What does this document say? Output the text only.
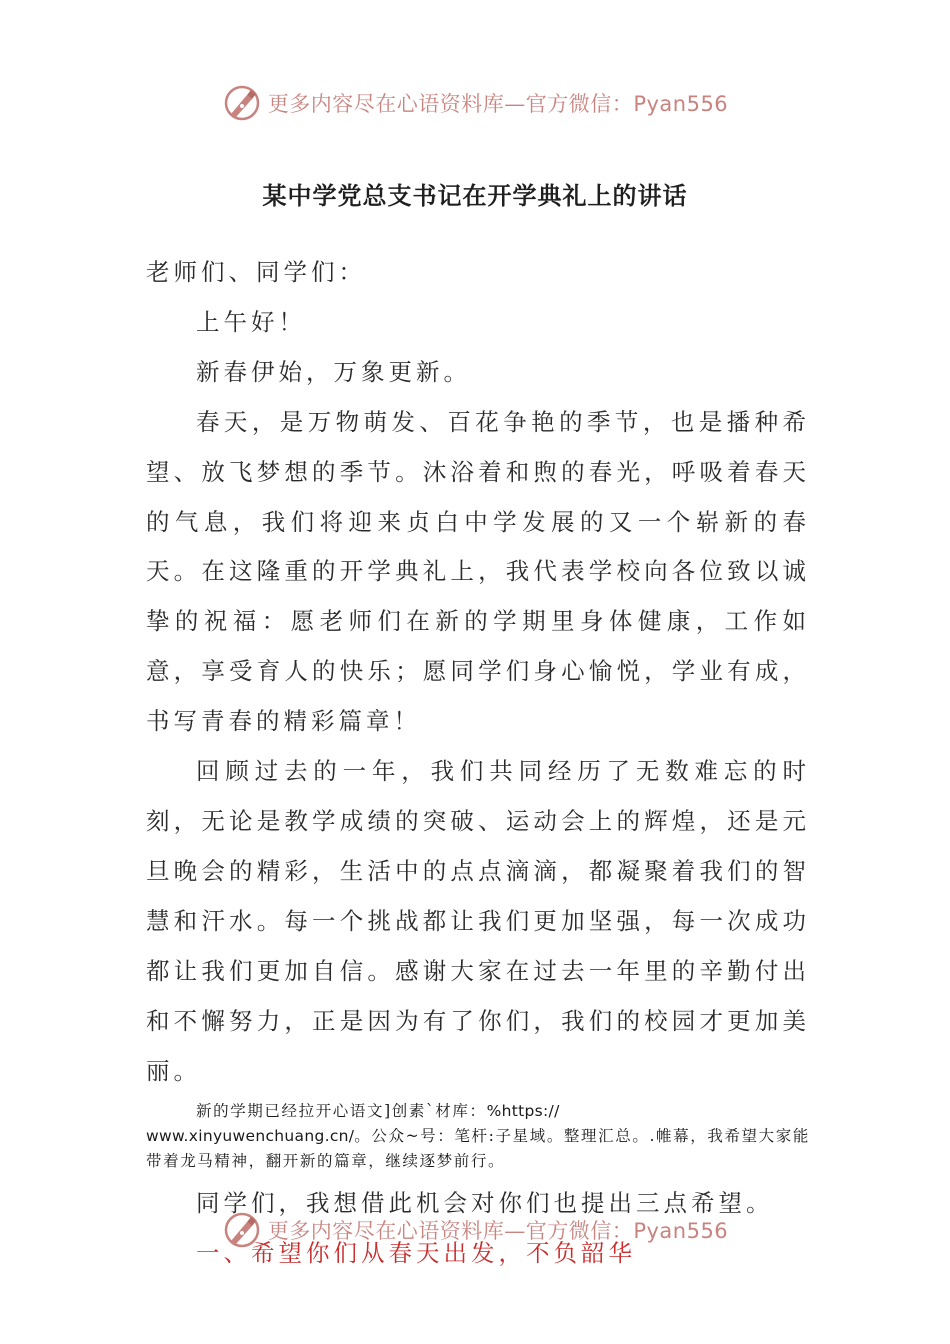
更多内容尽在心语资料库—官方微信：Pyan556
某中学党总支书记在开学典礼上的讲话

老师们、同学们：

上午好！

新春伊始，万象更新。

春天，是万物萌发、百花争艳的季节，也是播种希望、放飞梦想的季节。沐浴着和煦的春光，呼吸着春天的气息，我们将迎来贞白中学发展的又一个崭新的春天。在这隆重的开学典礼上，我代表学校向各位致以诚挚的祝福：愿老师们在新的学期里身体健康，工作如意，享受育人的快乐；愿同学们身心愉悦，学业有成，书写青春的精彩篇章！

回顾过去的一年，我们共同经历了无数难忘的时刻，无论是教学成绩的突破、运动会上的辉煌，还是元旦晚会的精彩，生活中的点点滴滴，都凝聚着我们的智慧和汗水。每一个挑战都让我们更加坚强，每一次成功都让我们更加自信。感谢大家在过去一年里的辛勤付出和不懈努力，正是因为有了你们，我们的校园才更加美丽。

新的学期已经拉开心语文]创素`材库：%https://
www.xinyuwenchuang.cn/。公众~号：笔杆:子星域。整理汇总。.帷幕，我希望大家能带着龙马精神，翻开新的篇章，继续逐梦前行。

同学们，我想借此机会对你们也提出三点希望。

一、希望你们从春天出发，不负韶华

更多内容尽在心语资料库—官方微信：Pyan556
